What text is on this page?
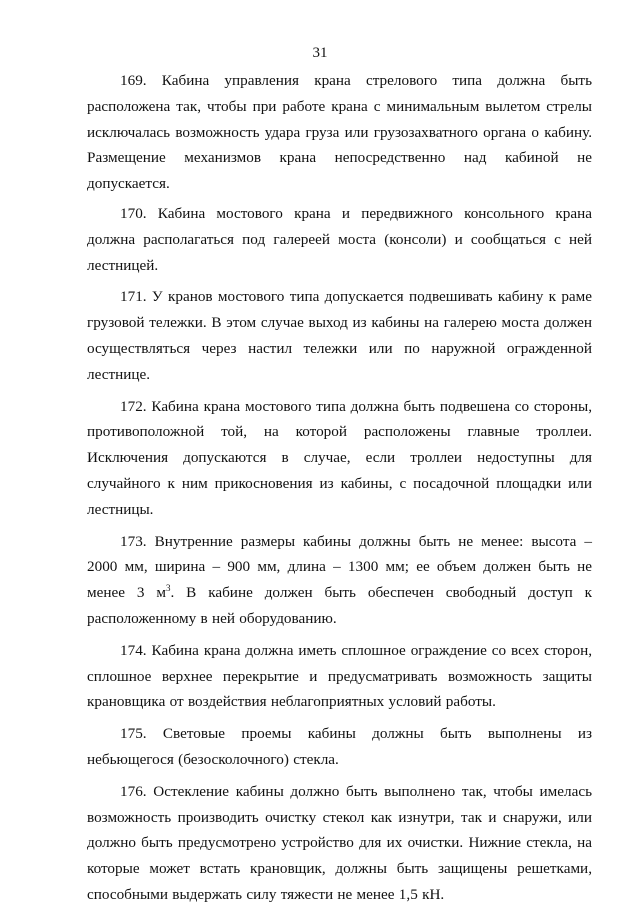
31

169. Кабина управления крана стрелового типа должна быть расположена так, чтобы при работе крана с минимальным вылетом стрелы исключалась возможность удара груза или грузозахватного органа о кабину. Размещение механизмов крана непосредственно над кабиной не допускается.

170. Кабина мостового крана и передвижного консольного крана должна располагаться под галереей моста (консоли) и сообщаться с ней лестницей.

171. У кранов мостового типа допускается подвешивать кабину к раме грузовой тележки. В этом случае выход из кабины на галерею моста должен осуществляться через настил тележки или по наружной огражденной лестнице.

172. Кабина крана мостового типа должна быть подвешена со стороны, противоположной той, на которой расположены главные троллеи. Исключения допускаются в случае, если троллеи недоступны для случайного к ним прикосновения из кабины, с посадочной площадки или лестницы.

173. Внутренние размеры кабины должны быть не менее: высота – 2000 мм, ширина – 900 мм, длина – 1300 мм; ее объем должен быть не менее 3 $м^3$. В кабине должен быть обеспечен свободный доступ к расположенному в ней оборудованию.

174. Кабина крана должна иметь сплошное ограждение со всех сторон, сплошное верхнее перекрытие и предусматривать возможность защиты крановщика от воздействия неблагоприятных условий работы.

175. Световые проемы кабины должны быть выполнены из небьющегося (безосколочного) стекла.

176. Остекление кабины должно быть выполнено так, чтобы имелась возможность производить очистку стекол как изнутри, так и снаружи, или должно быть предусмотрено устройство для их очистки. Нижние стекла, на которые может встать крановщик, должны быть защищены решетками, способными выдержать силу тяжести не менее 1,5 кН.
